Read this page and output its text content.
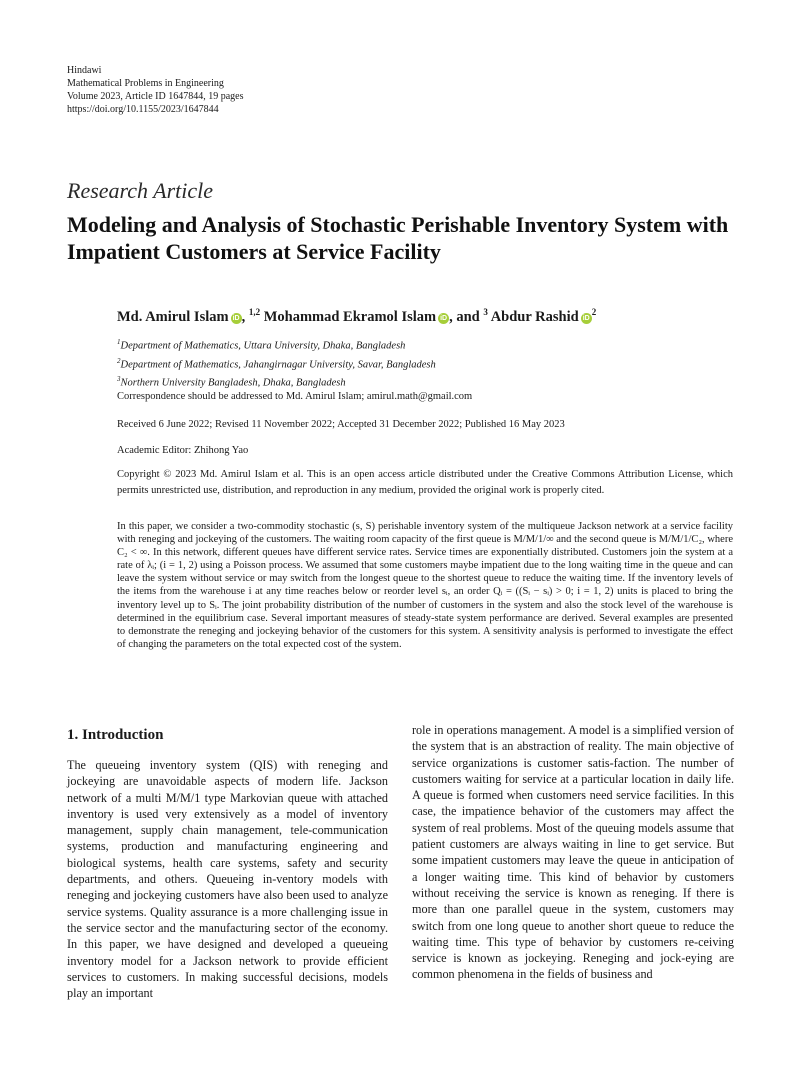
Hindawi
Mathematical Problems in Engineering
Volume 2023, Article ID 1647844, 19 pages
https://doi.org/10.1155/2023/1647844
Research Article
Modeling and Analysis of Stochastic Perishable Inventory System with Impatient Customers at Service Facility
Md. Amirul Islam iD , $^{1,2}$ Mohammad Ekramol Islam iD , and $^3$ Abdur Rashid $iD^2$
$^1$Department of Mathematics, Uttara University, Dhaka, Bangladesh
$^2$Department of Mathematics, Jahangirnagar University, Savar, Bangladesh
$^3$Northern University Bangladesh, Dhaka, Bangladesh
Correspondence should be addressed to Md. Amirul Islam; amirul.math@gmail.com
Received 6 June 2022; Revised 11 November 2022; Accepted 31 December 2022; Published 16 May 2023
Academic Editor: Zhihong Yao
Copyright © 2023 Md. Amirul Islam et al. This is an open access article distributed under the Creative Commons Attribution License, which permits unrestricted use, distribution, and reproduction in any medium, provided the original work is properly cited.
In this paper, we consider a two-commodity stochastic (s, S) perishable inventory system of the multiqueue Jackson network at a service facility with reneging and jockeying of the customers. The waiting room capacity of the first queue is M/M/1/∞ and the second queue is M/M/1/C₂, where C₂ < ∞. In this network, different queues have different service rates. Service times are exponentially distributed. Customers join the system at a rate of λᵢ; (i = 1, 2) using a Poisson process. We assumed that some customers maybe impatient due to the long waiting time in the queue and can leave the system without service or may switch from the longest queue to the shortest queue to reduce the waiting time. If the inventory levels of the items from the warehouse i at any time reaches below or reorder level sᵢ, an order Qᵢ = ((Sᵢ − sᵢ) > 0; i = 1, 2) units is placed to bring the inventory level up to Sᵢ. The joint probability distribution of the number of customers in the system and also the stock level of the warehouse is determined in the equilibrium case. Several important measures of steady-state system performance are derived. Several examples are presented to demonstrate the reneging and jockeying behavior of the customers for this system. A sensitivity analysis is performed to investigate the effect of changing the parameters on the total expected cost of the system.
1. Introduction
The queueing inventory system (QIS) with reneging and jockeying are unavoidable aspects of modern life. Jackson network of a multi M/M/1 type Markovian queue with attached inventory is used very extensively as a model of inventory management, supply chain management, tele-communication systems, production and manufacturing engineering and biological systems, health care systems, safety and security departments, and others. Queueing in-ventory models with reneging and jockeying customers have also been used to analyze service systems. Quality assurance is a more challenging issue in the service sector and the manufacturing sector of the economy. In this paper, we have designed and developed a queueing inventory model for a Jackson network to provide efficient services to customers. In making successful decisions, models play an important
role in operations management. A model is a simplified version of the system that is an abstraction of reality. The main objective of service organizations is customer satis-faction. The number of customers waiting for service at a particular location in daily life. A queue is formed when customers need service facilities. In this case, the impatience behavior of the customers may affect the system of real problems. Most of the queuing models assume that patient customers are always waiting in line to get service. But some impatient customers may leave the queue in anticipation of a longer waiting time. This kind of behavior by customers without receiving the service is known as reneging. If there is more than one parallel queue in the system, customers may switch from one long queue to another short queue to reduce the waiting time. This type of behavior by customers re-ceiving service is known as jockeying. Reneging and jock-eying are common phenomena in the fields of business and
